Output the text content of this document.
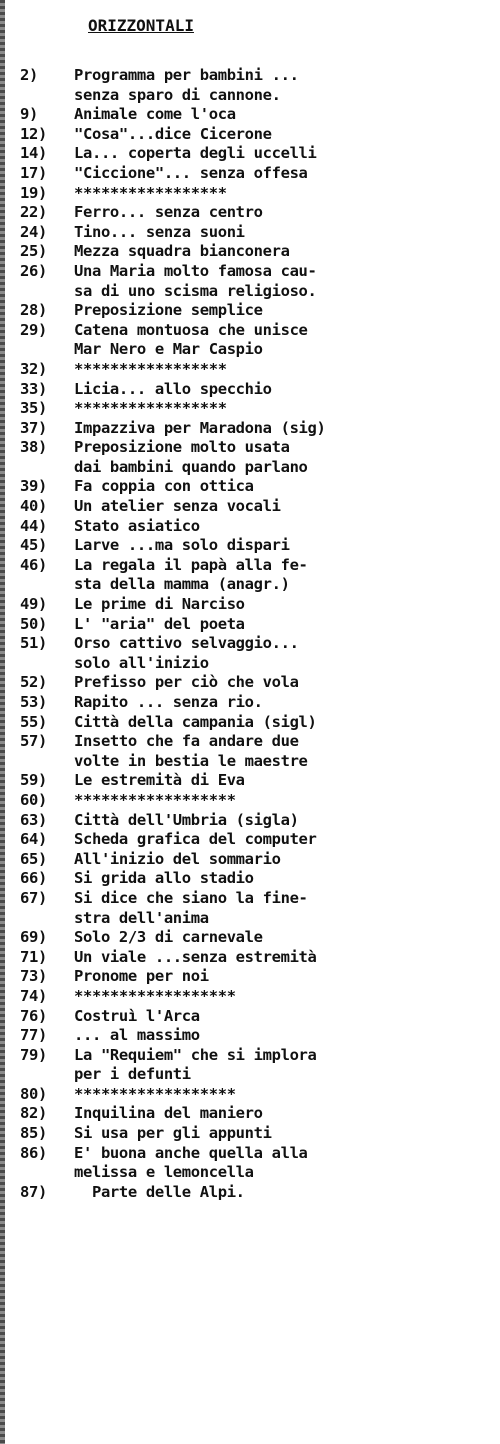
ORIZZONTALI
2)	Programma per bambini ...
senza sparo di cannone.
9)	Animale come l'oca
12)	"Cosa"...dice Cicerone
14)	La... coperta degli uccelli
17)	"Ciccione"... senza offesa
19)	*****************
22)	Ferro... senza centro
24)	Tino... senza suoni
25)	Mezza squadra bianconera
26)	Una Maria molto famosa cau-
sa di uno scisma religioso.
28)	Preposizione semplice
29)	Catena montuosa che unisce
Mar Nero e Mar Caspio
32)	*****************
33)	Licia... allo specchio
35)	*****************
37)	Impazziva per Maradona (sig)
38)	Preposizione molto usata
dai bambini quando parlano
39)	Fa coppia con ottica
40)	Un atelier senza vocali
44)	Stato asiatico
45)	Larve ...ma solo dispari
46)	La regala il papà alla fe-
sta della mamma (anagr.)
49)	Le prime di Narciso
50)	L' "aria" del poeta
51)	Orso cattivo selvaggio...
solo all'inizio
52)	Prefisso per ciò che vola
53)	Rapito ... senza rio.
55)	Città della campania (sigl)
57)	Insetto che fa andare due
volte in bestia le maestre
59)	Le estremità di Eva
60)	******************
63)	Città dell'Umbria (sigla)
64)	Scheda grafica del computer
65)	All'inizio del sommario
66)	Si grida allo stadio
67)	Si dice che siano la fine-
stra dell'anima
69)	Solo 2/3 di carnevale
71)	Un viale ...senza estremità
73)	Pronome per noi
74)	******************
76)	Costruì l'Arca
77)	... al massimo
79)	La "Requiem" che si implora
per i defunti
80)	******************
82)	Inquilina del maniero
85)	Si usa per gli appunti
86)	E' buona anche quella alla
melissa e lemoncella
87)	Parte delle Alpi.
